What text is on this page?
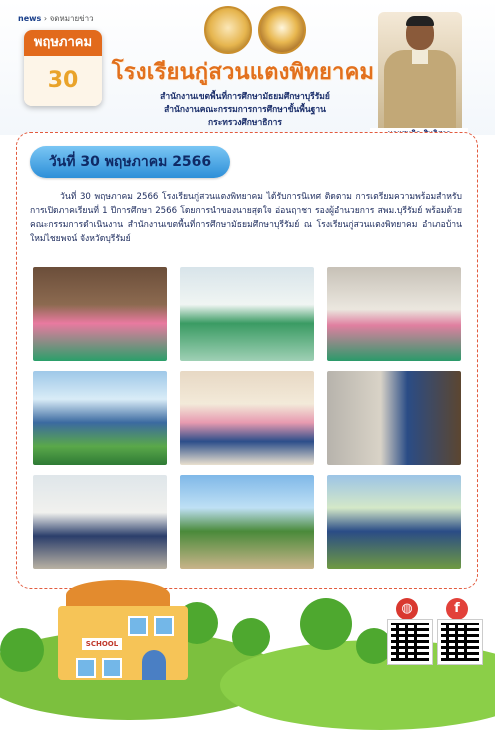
news › จดหมายข่าว
พฤษภาคม
30	โรงเรียนกู่สวนแตงพิทยาคม
สำนักงานเขตพื้นที่การศึกษามัธยมศึกษาบุรีรัมย์
สำนักงานคณะกรรมการการศึกษาขั้นพื้นฐาน
กระทรวงศึกษาธิการ
วันที่ 30 พฤษภาคม 2566
วันที่ 30 พฤษภาคม 2566 โรงเรียนกู่สวนแตงพิทยาคม ได้รับการนิเทศ ติดตาม การเตรียมความพร้อมสำหรับการเปิดภาคเรียนที่ 1 ปีการศึกษา 2566 โดยการนำของนายสุดใจ อ่อนฤาชา รองผู้อำนวยการ สพม.บุรีรัมย์ พร้อมด้วยคณะกรรมการดำเนินงาน สำนักงานเขตพื้นที่การศึกษามัธยมศึกษาบุรีรัมย์ ณ โรงเรียนกู่สวนแตงพิทยาคม อำเภอบ้านใหม่ไชยพจน์ จังหวัดบุรีรัมย์
SCHOOL
◍	f
